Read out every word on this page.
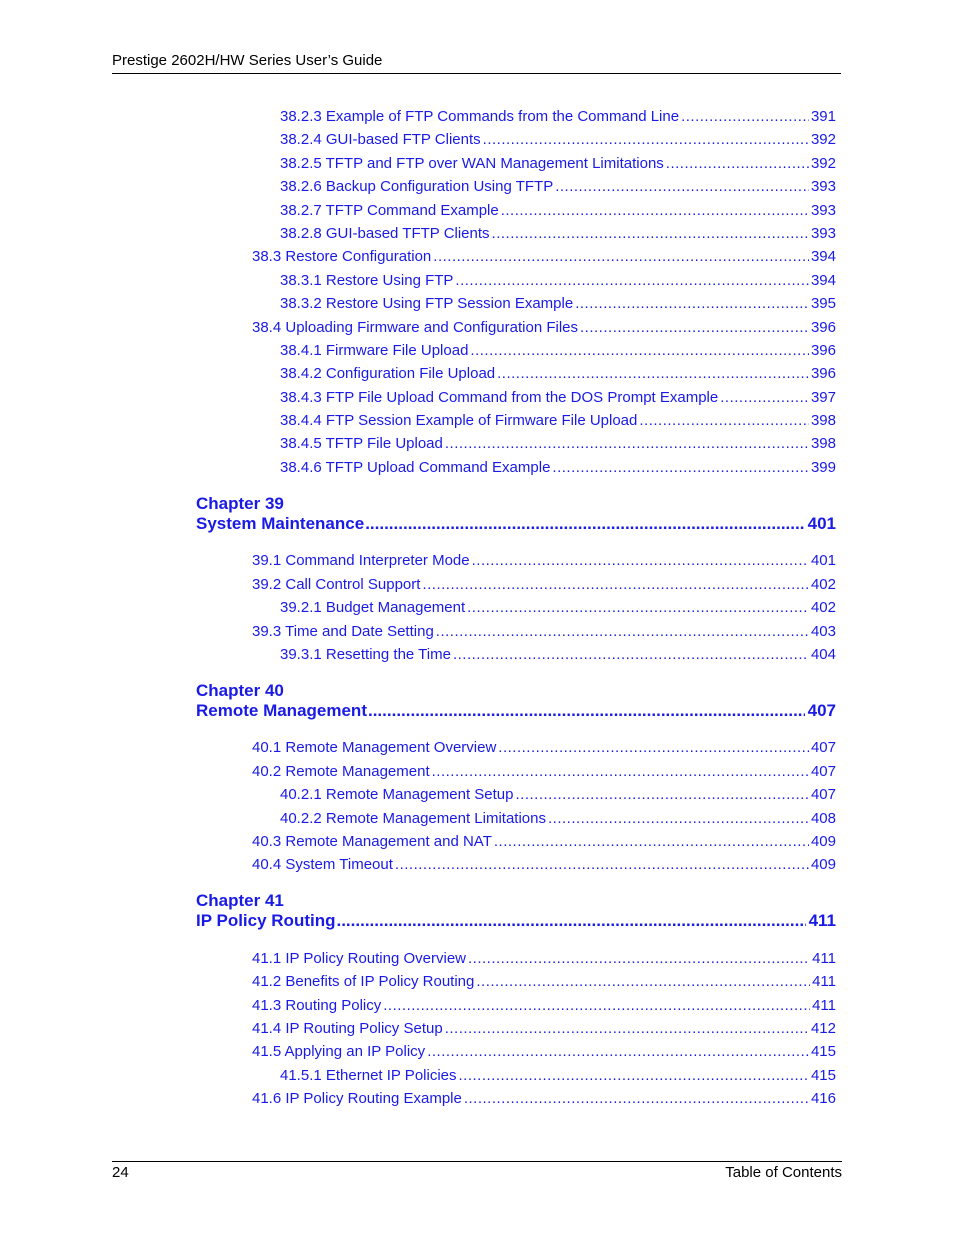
Prestige 2602H/HW Series User’s Guide
38.2.3 Example of FTP Commands from the Command Line .....	391
38.2.4 GUI-based FTP Clients .....	392
38.2.5 TFTP and FTP over WAN Management Limitations .....	392
38.2.6 Backup Configuration Using TFTP .....	393
38.2.7 TFTP Command Example .....	393
38.2.8 GUI-based TFTP Clients .....	393
38.3 Restore Configuration .....	394
38.3.1 Restore Using FTP .....	394
38.3.2 Restore Using FTP Session Example .....	395
38.4 Uploading Firmware and Configuration Files .....	396
38.4.1 Firmware File Upload .....	396
38.4.2 Configuration File Upload .....	396
38.4.3 FTP File Upload Command from the DOS Prompt Example .....	397
38.4.4 FTP Session Example of Firmware File Upload .....	398
38.4.5 TFTP File Upload .....	398
38.4.6 TFTP Upload Command Example .....	399
Chapter 39
System Maintenance .....	401
39.1 Command Interpreter Mode .....	401
39.2 Call Control Support .....	402
39.2.1 Budget Management .....	402
39.3 Time and Date Setting .....	403
39.3.1 Resetting the Time .....	404
Chapter 40
Remote Management .....	407
40.1 Remote Management Overview .....	407
40.2 Remote Management .....	407
40.2.1 Remote Management Setup .....	407
40.2.2 Remote Management Limitations .....	408
40.3 Remote Management and NAT .....	409
40.4 System Timeout .....	409
Chapter 41
IP Policy Routing .....	411
41.1 IP Policy Routing Overview .....	411
41.2 Benefits of IP Policy Routing .....	411
41.3 Routing Policy .....	411
41.4 IP Routing Policy Setup .....	412
41.5 Applying an IP Policy .....	415
41.5.1 Ethernet IP Policies .....	415
41.6 IP Policy Routing Example .....	416
24	Table of Contents
